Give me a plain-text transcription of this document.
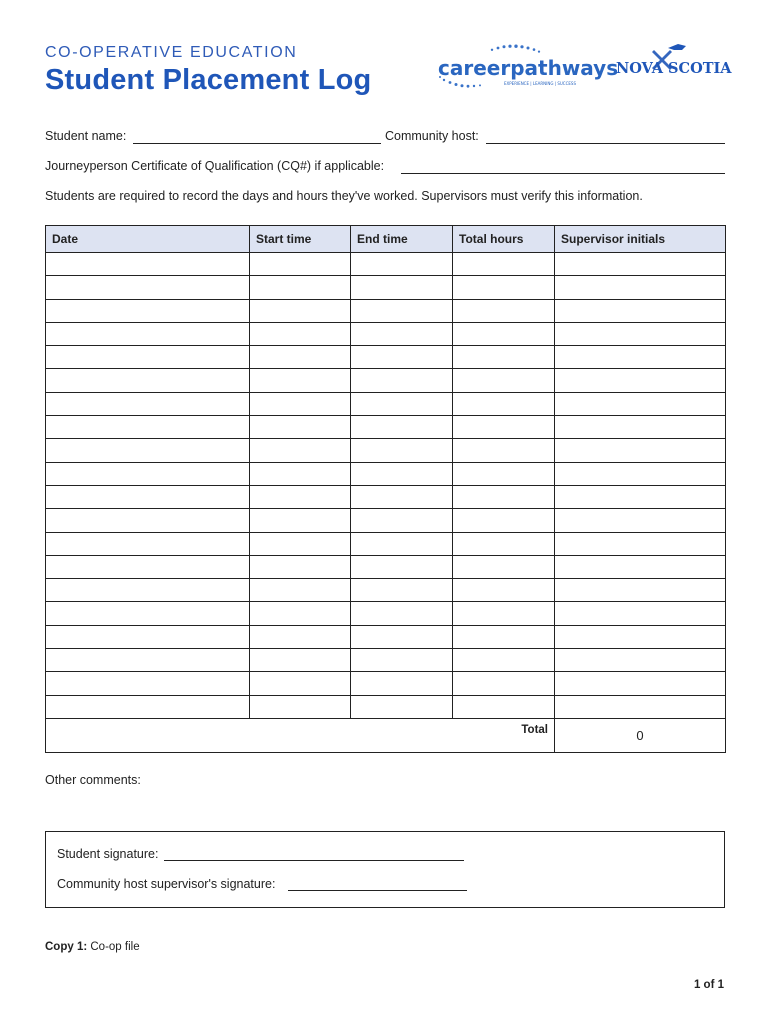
CO-OPERATIVE EDUCATION
Student Placement Log	careerpathways
EXPERIENCE | LEARNING | SUCCESS
NOVA SCOTIA
Student name:	Community host:
Journeyperson Certificate of Qualification (CQ#) if applicable:
Students are required to record the days and hours they've worked. Supervisors must verify this information.
Date	Start time	End time	Total hours	Supervisor initials

			Total	0
Other comments:
Student signature:
Community host supervisor's signature:
Copy 1: Co-op file
1 of 1
